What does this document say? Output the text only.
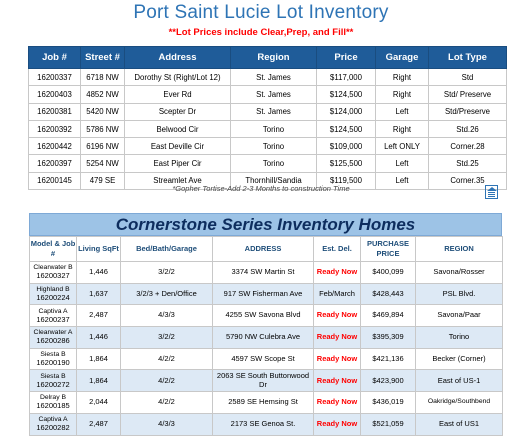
Port Saint Lucie Lot Inventory
**Lot Prices include Clear,Prep, and Fill**
Job #	Street #	Address	Region	Price	Garage	Lot Type
16200337	6718 NW	Dorothy St (Right/Lot 12)	St. James	$117,000	Right	Std
16200403	4852 NW	Ever Rd	St. James	$124,500	Right	Std/ Preserve
16200381	5420 NW	Scepter Dr	St. James	$124,000	Left	Std/Preserve
16200392	5786 NW	Belwood Cir	Torino	$124,500	Right	Std.26
16200442	6196 NW	East Deville Cir	Torino	$109,000	Left ONLY	Corner.28
16200397	5254 NW	East Piper Cir	Torino	$125,500	Left	Std.25
16200145	479 SE	Streamlet Ave	Thornhill/Sandia	$119,500	Left	Corner.35
*Gopher Tortise-Add 2-3 Months to construction Time
Cornerstone Series Inventory Homes
Model & Job #	Living SqFt	Bed/Bath/Garage	ADDRESS	Est. Del.	PURCHASE PRICE	REGION

Clearwater B
16200327	1,446	3/2/2	3374 SW Martin St	Ready Now	$400,099	Savona/Rosser

Highland B
16200224	1,637	3/2/3 + Den/Office	917 SW Fisherman Ave	Feb/March	$428,443	PSL Blvd.

Captiva A
16200237	2,487	4/3/3	4255 SW Savona Blvd	Ready Now	$469,894	Savona/Paar

Clearwater A
16200286	1,446	3/2/2	5790 NW Culebra Ave	Ready Now	$395,309	Torino

Siesta B
16200190	1,864	4/2/2	4597 SW Scope St	Ready Now	$421,136	Becker (Corner)

Siesta B
16200272	1,864	4/2/2	2063 SE South Buttonwood Dr	Ready Now	$423,900	East of US-1

Delray B
16200185	2,044	4/2/2	2589 SE Hemsing St	Ready Now	$436,019	Oakridge/Southbend

Captiva A
16200282	2,487	4/3/3	2173 SE Genoa St.	Ready Now	$521,059	East of US1
